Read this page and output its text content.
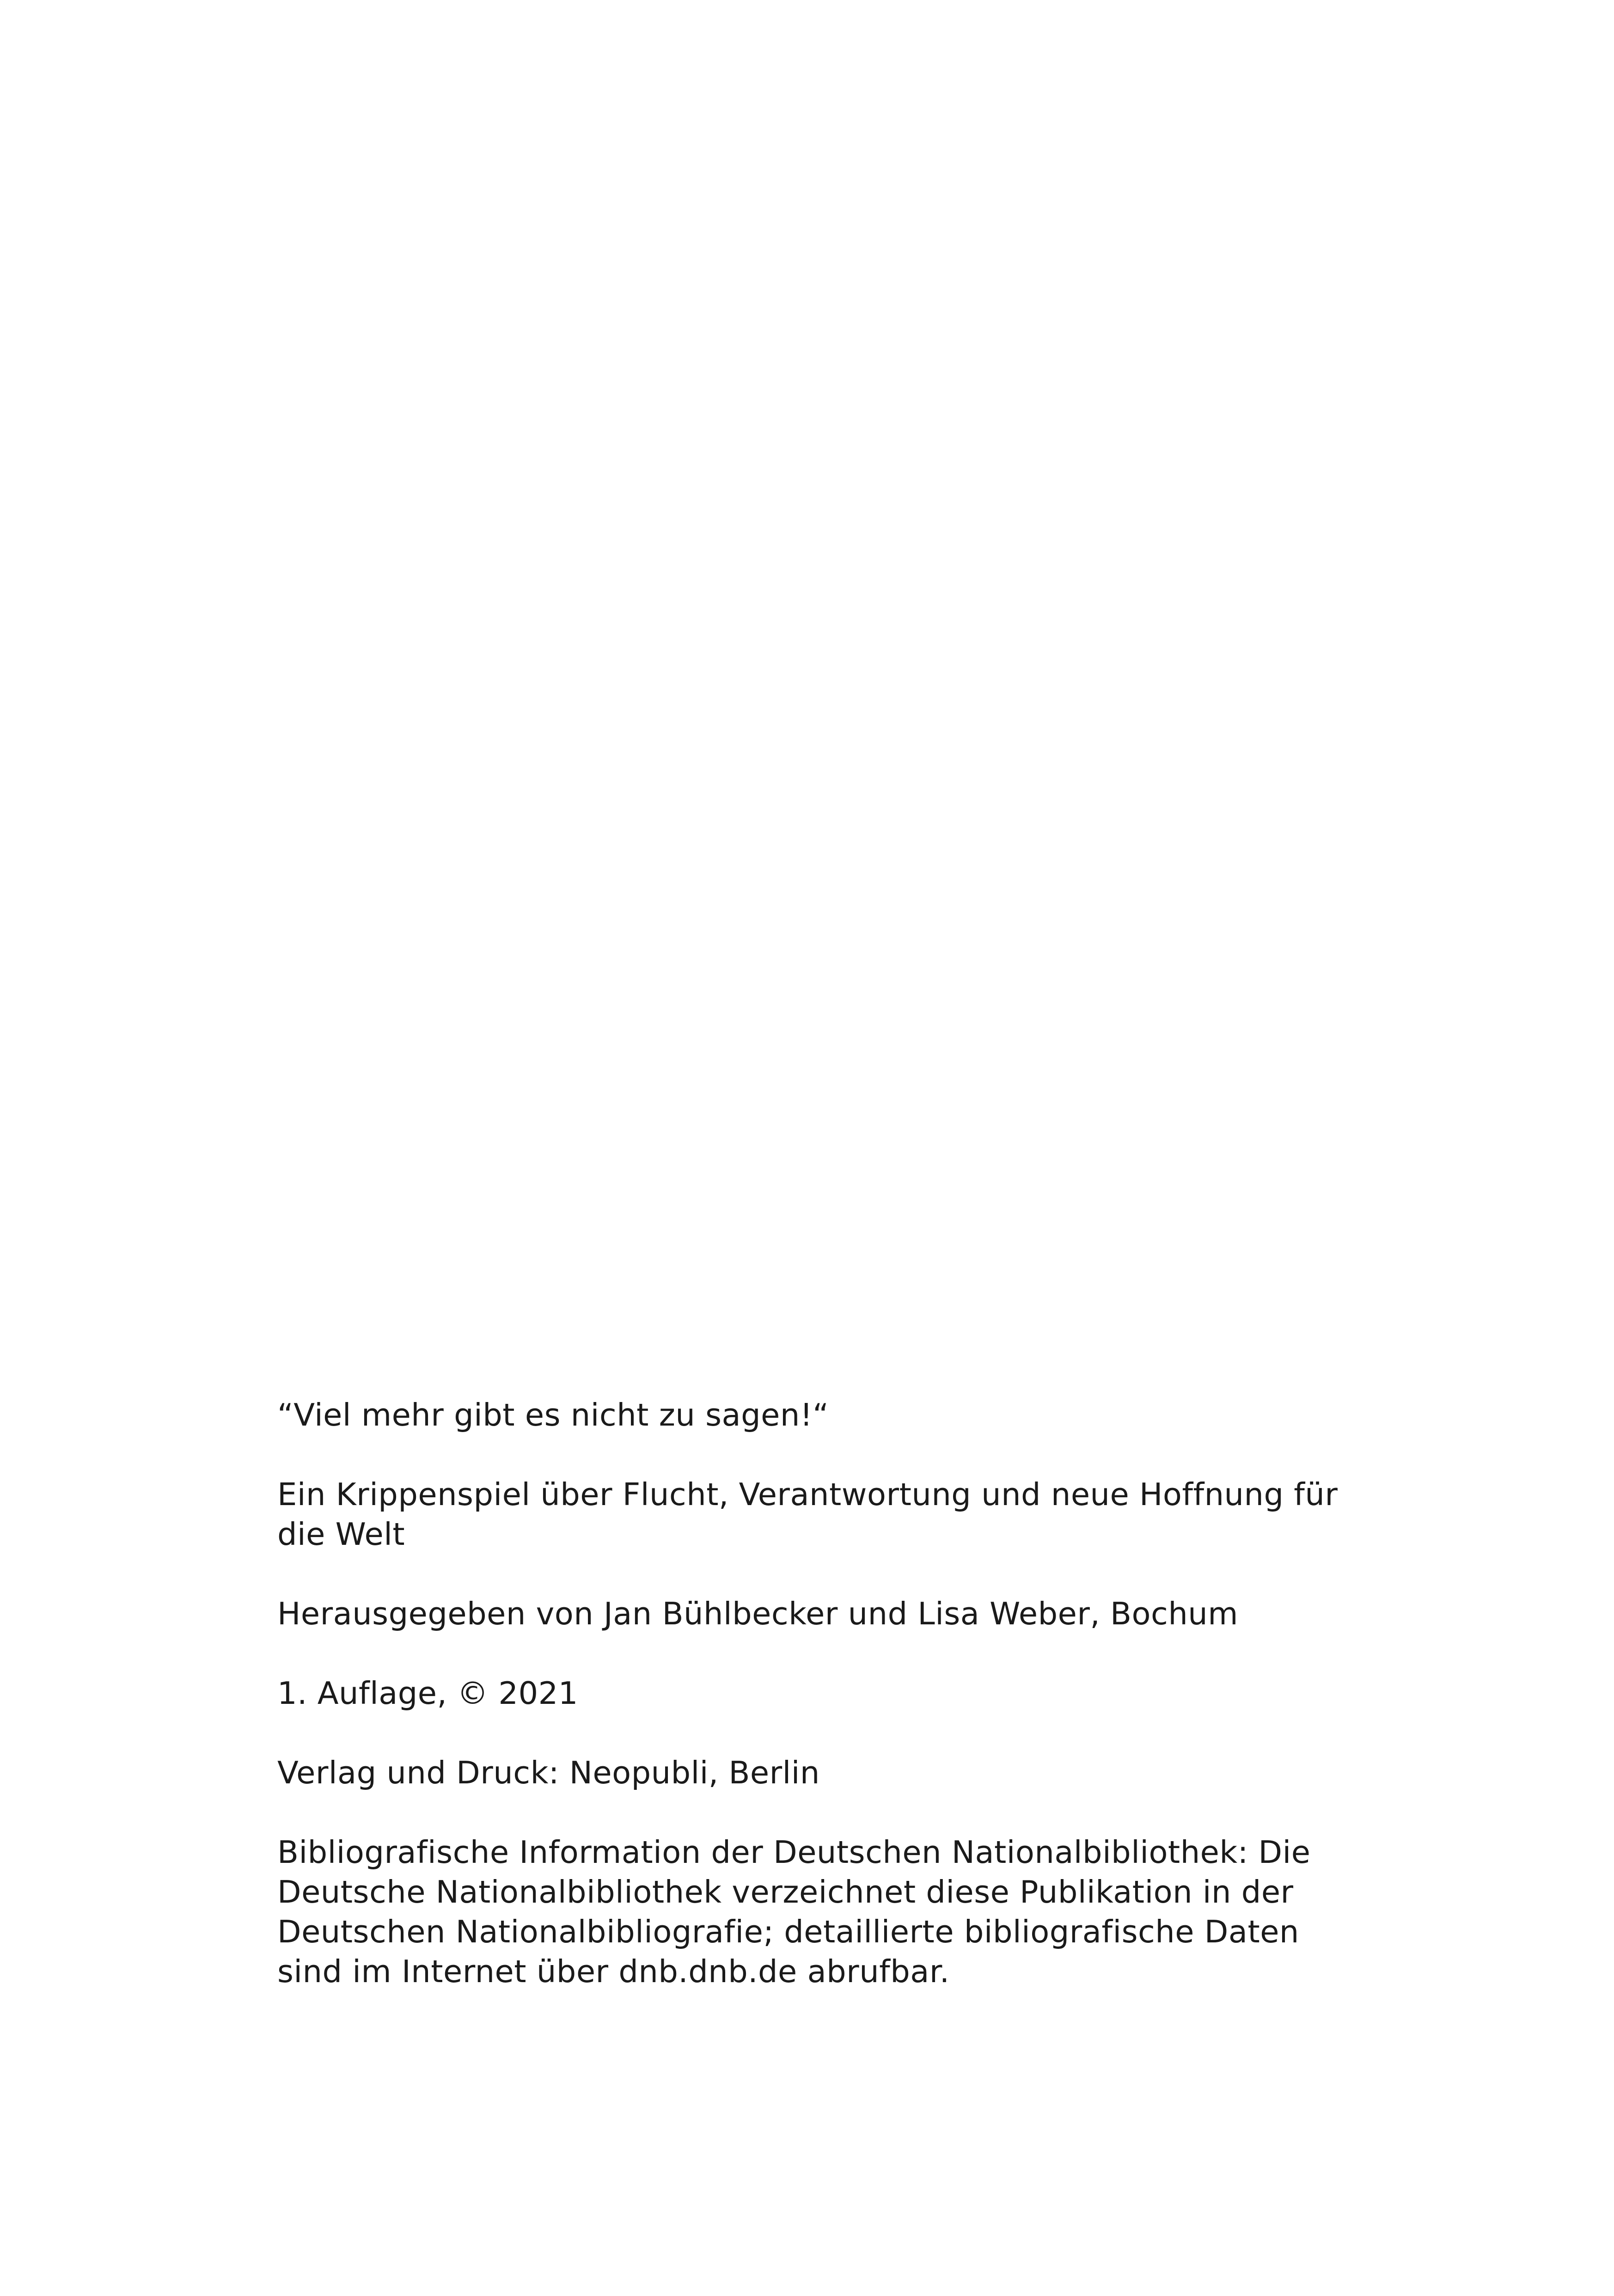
“Viel mehr gibt es nicht zu sagen!“

Ein Krippenspiel über Flucht, Verantwortung und neue Hoffnung für die Welt

Herausgegeben von Jan Bühlbecker und Lisa Weber, Bochum

1. Auflage, © 2021

Verlag und Druck: Neopubli, Berlin

Bibliografische Information der Deutschen Nationalbibliothek: Die Deutsche Nationalbibliothek verzeichnet diese Publikation in der Deutschen Nationalbibliografie; detaillierte bibliografische Daten sind im Internet über dnb.dnb.de abrufbar.
